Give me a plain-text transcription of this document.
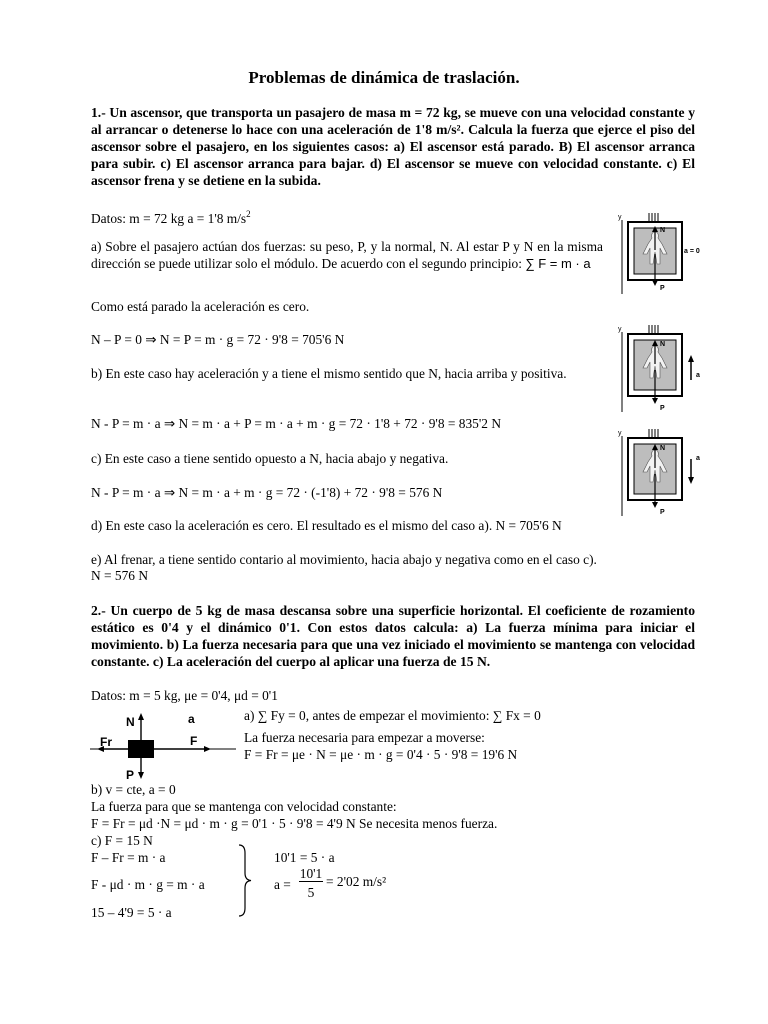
Problemas de dinámica de traslación.
1.- Un ascensor, que transporta un pasajero de masa m = 72 kg, se mueve con una velocidad constante y al arrancar o detenerse lo hace con una aceleración de 1'8 m/s². Calcula la fuerza que ejerce el piso del ascensor sobre el pasajero, en los siguientes casos: a) El ascensor está parado. B) El ascensor arranca para subir. c) El ascensor arranca para bajar. d) El ascensor se mueve con velocidad constante. c) El ascensor frena y se detiene en la subida.
Datos: m = 72 kg a = 1'8 $m/s^2$
a) Sobre el pasajero actúan dos fuerzas: su peso, P, y la normal, N. Al estar P y N en la misma dirección se puede utilizar solo el módulo. De acuerdo con el segundo principio: ∑ F = m · a
Como está parado la aceleración es cero.
N – P = 0 ⇒ N = P = m · g = 72 · 9'8 = 705'6 N
b) En este caso hay aceleración y a tiene el mismo sentido que N, hacia arriba y positiva.
N - P = m · a ⇒ N = m · a + P = m · a + m · g = 72 · 1'8 + 72 · 9'8 = 835'2 N
c) En este caso a tiene sentido opuesto a N, hacia abajo y negativa.
N - P = m · a ⇒ N = m · a + m · g = 72 · (-1'8) + 72 · 9'8 = 576 N
d) En este caso la aceleración es cero. El resultado es el mismo del caso a). N = 705'6 N
e) Al frenar, a tiene sentido contario al movimiento, hacia abajo y negativa como en el caso c).
N = 576 N
y
N
P
a = 0
y
N
P
a
y
N
P
a
2.- Un cuerpo de 5 kg de masa descansa sobre una superficie horizontal. El coeficiente de rozamiento estático es 0'4 y el dinámico 0'1. Con estos datos calcula: a) La fuerza mínima para iniciar el movimiento. b) La fuerza necesaria para que una vez iniciado el movimiento se mantenga con velocidad constante. c) La aceleración del cuerpo al aplicar una fuerza de 15 N.
Datos: m = 5 kg, μe = 0'4, μd = 0'1
N
P
Fr	F
a	a) ∑ Fy = 0, antes de empezar el movimiento: ∑ Fx = 0
La fuerza necesaria para empezar a moverse:
F = Fr = μe · N = μe · m · g = 0'4 · 5 · 9'8 = 19'6 N
b) v = cte, a = 0
La fuerza para que se mantenga con velocidad constante:
F = Fr = μd ·N = μd · m · g = 0'1 · 5 · 9'8 = 4'9 N Se necesita menos fuerza.
c) F = 15 N
F – Fr = m · a
F - μd · m · g = m · a
15 – 4'9 = 5 · a
10'1 = 5 · a
a =
10'1
5
= 2'02 m/s²
